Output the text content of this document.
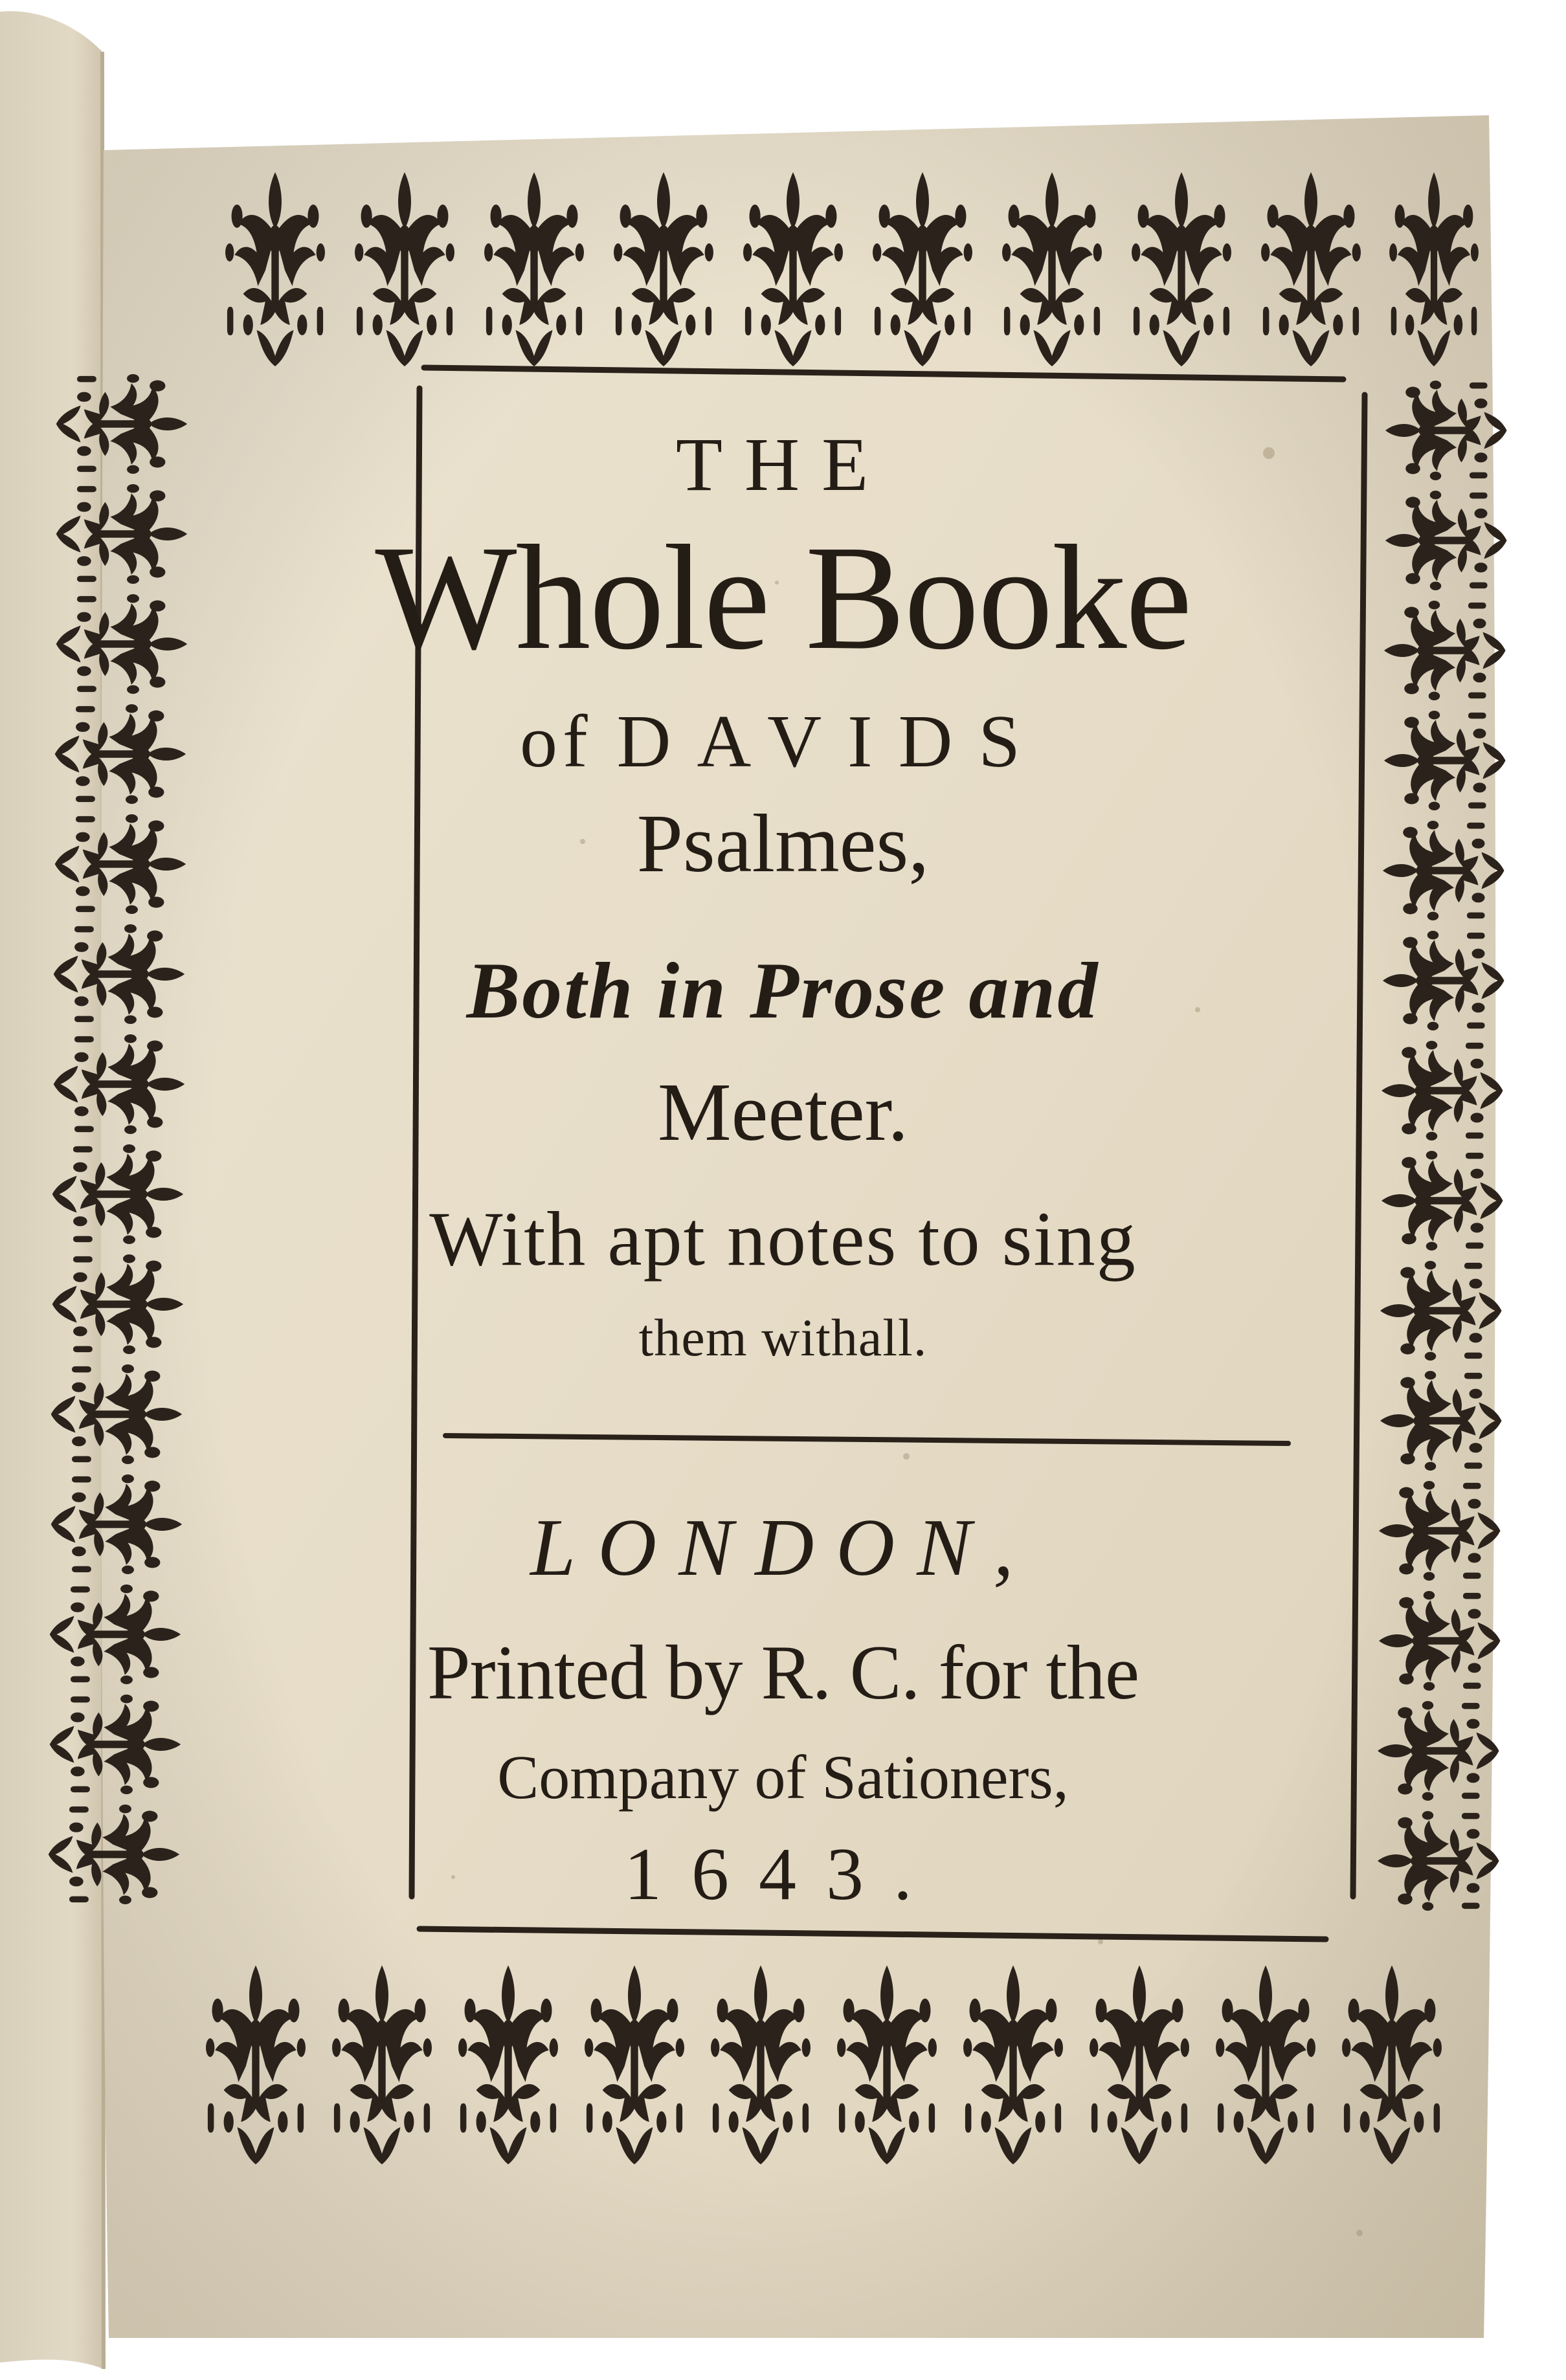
THE
Whole Booke
of DAVIDS
Psalmes,
Both in Prose and
Meeter.
With apt notes to sing
them withall.
LONDON,
Printed by R. C. for the
Company of Sationers,
1643.
